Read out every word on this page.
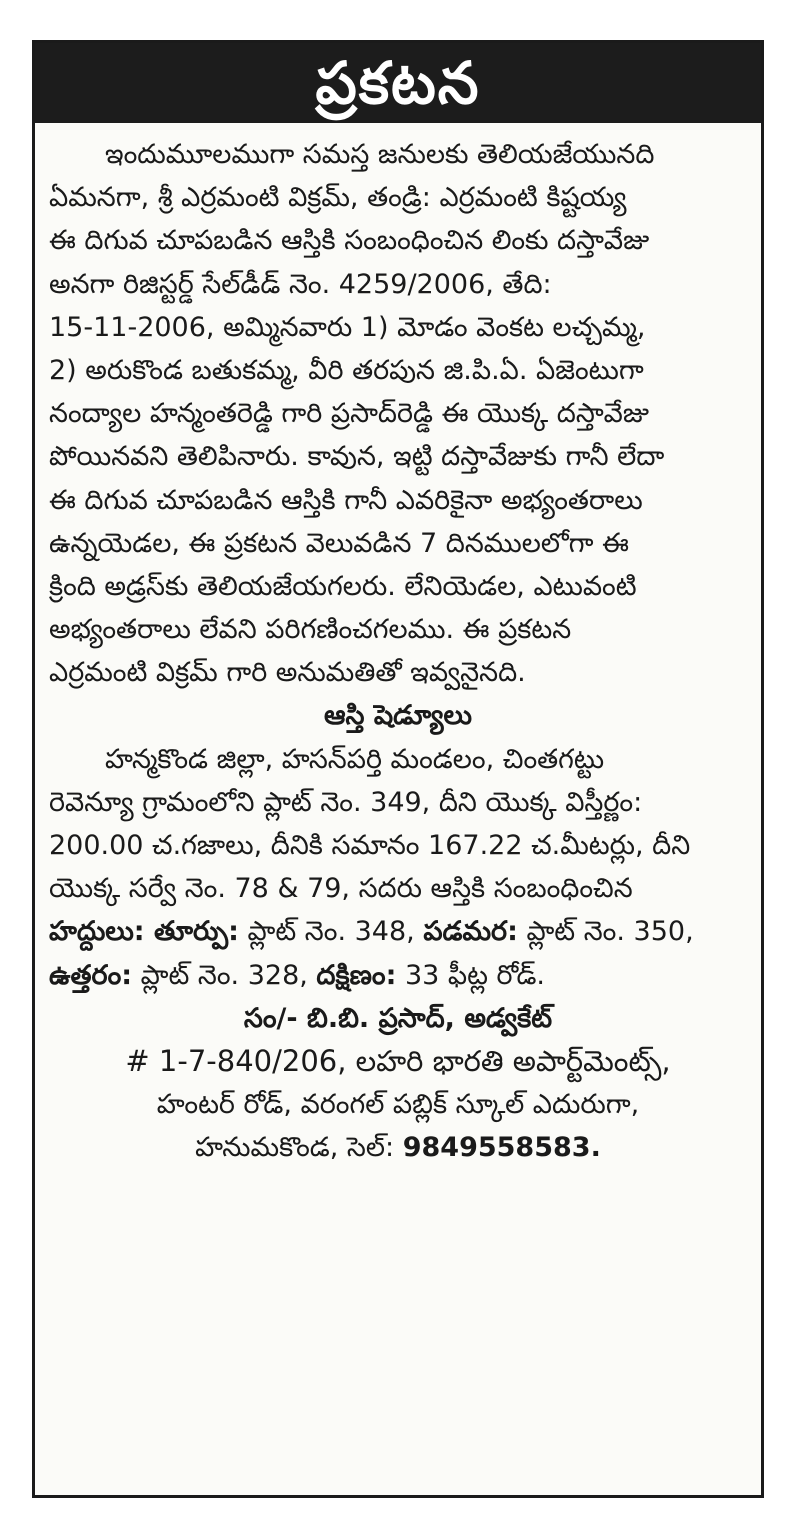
ప్రకటన
ఇందుమూలముగా సమస్త జనులకు తెలియజేయునది
ఏమనగా, శ్రీ ఎర్రమంటి విక్రమ్, తండ్రి: ఎర్రమంటి కిష్టయ్య
ఈ దిగువ చూపబడిన ఆస్తికి సంబంధించిన లింకు దస్తావేజు
అనగా రిజిస్టర్డ్ సేల్‌డీడ్ నెం. 4259/2006, తేది:
15-11-2006, అమ్మినవారు 1) మోడం వెంకట లచ్చమ్మ,
2) అరుకొండ బతుకమ్మ, వీరి తరపున జి.పి.ఏ. ఏజెంటుగా
నంద్యాల హన్మంతరెడ్డి గారి ప్రసాద్‌రెడ్డి ఈ యొక్క దస్తావేజు
పోయినవని తెలిపినారు. కావున, ఇట్టి దస్తావేజుకు గానీ లేదా
ఈ దిగువ చూపబడిన ఆస్తికి గానీ ఎవరికైనా అభ్యంతరాలు
ఉన్నయెడల, ఈ ప్రకటన వెలువడిన 7 దినములలోగా ఈ
క్రింది అడ్రస్‌కు తెలియజేయగలరు. లేనియెడల, ఎటువంటి
అభ్యంతరాలు లేవని పరిగణించగలము. ఈ ప్రకటన
ఎర్రమంటి విక్రమ్ గారి అనుమతితో ఇవ్వనైనది.
ఆస్తి షెడ్యూలు
హన్మకొండ జిల్లా, హసన్‌పర్తి మండలం, చింతగట్టు
రెవెన్యూ గ్రామంలోని ప్లాట్ నెం. 349, దీని యొక్క విస్తీర్ణం:
200.00 చ.గజాలు, దీనికి సమానం 167.22 చ.మీటర్లు, దీని
యొక్క సర్వే నెం. 78 & 79, సదరు ఆస్తికి సంబంధించిన
హద్దులు: తూర్పు: ప్లాట్ నెం. 348, పడమర: ప్లాట్ నెం. 350,
ఉత్తరం: ప్లాట్ నెం. 328, దక్షిణం: 33 ఫీట్ల రోడ్.
సం/- బి.బి. ప్రసాద్, అడ్వకేట్
# 1-7-840/206, లహరి భారతి అపార్ట్‌మెంట్స్,
హంటర్ రోడ్, వరంగల్ పబ్లిక్ స్కూల్ ఎదురుగా,
హనుమకొండ, సెల్: 9849558583.
